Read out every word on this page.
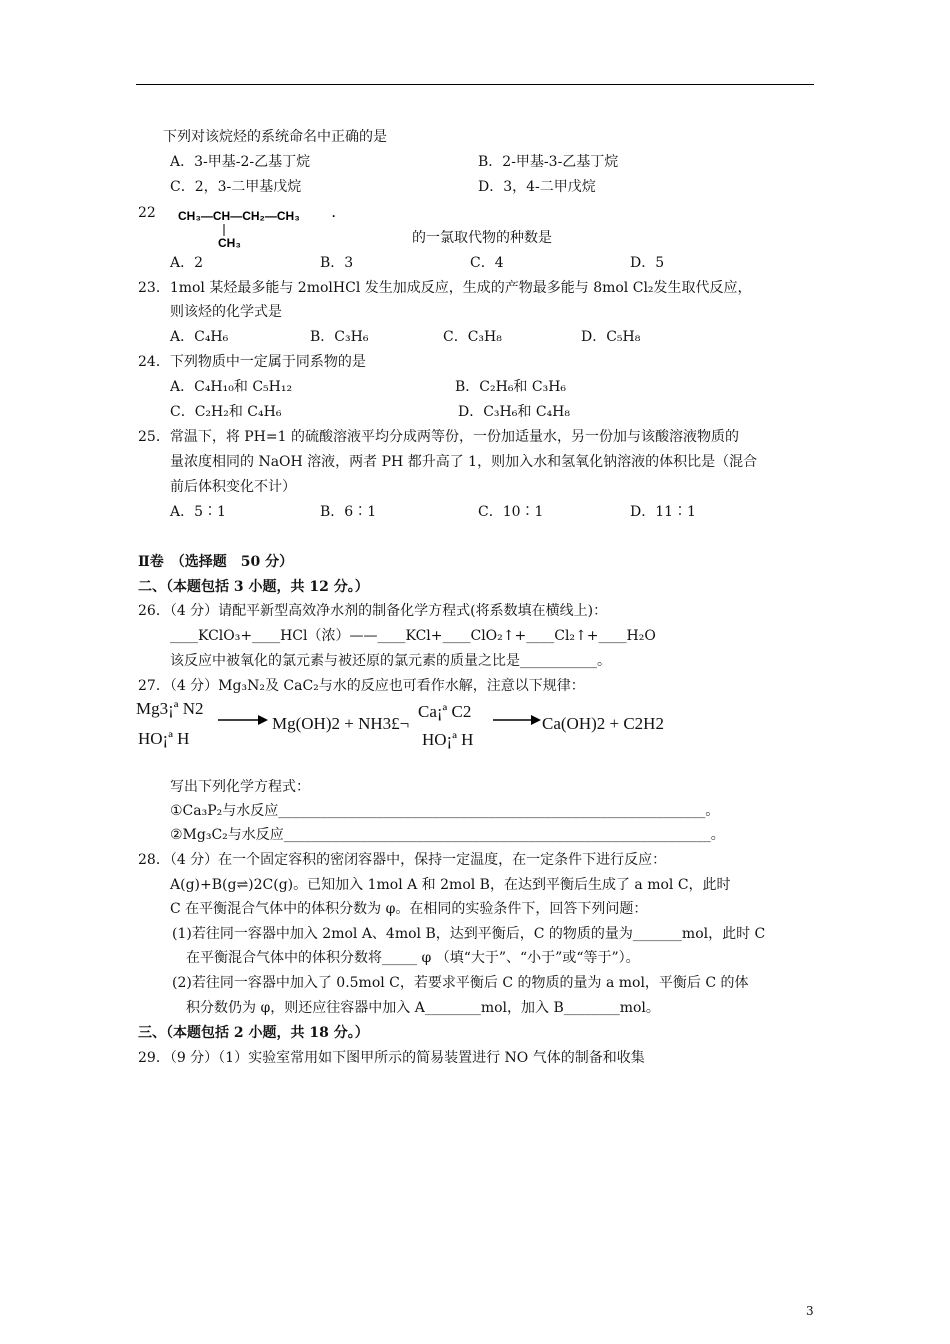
下列对该烷烃的系统命名中正确的是
A．3-甲基-2-乙基丁烷	B．2-甲基-3-乙基丁烷
C．2，3-二甲基戊烷	D．3，4-二甲戊烷
22 CH₃—CH—CH₂—CH₃	·
CH₃	的一氯取代物的种数是
A．2	B．3	C．4	D．5
23．1mol 某烃最多能与 2molHCl 发生加成反应，生成的产物最多能与 8mol Cl₂发生取代反应，
则该烃的化学式是
A．C₄H₆	B．C₃H₆	C．C₃H₈	D．C₅H₈
24．下列物质中一定属于同系物的是
A．C₄H₁₀和 C₅H₁₂	B．C₂H₆和 C₃H₆
C．C₂H₂和 C₄H₆	D．C₃H₆和 C₄H₈
25．常温下，将 PH=1 的硫酸溶液平均分成两等份，一份加适量水，另一份加与该酸溶液物质的
量浓度相同的 NaOH 溶液，两者 PH 都升高了 1，则加入水和氢氧化钠溶液的体积比是（混合
前后体积变化不计）
A．5∶1	B．6∶1	C．10∶1	D．11∶1
Ⅱ卷　（选择题　50 分）
二、（本题包括 3 小题，共 12 分。）
26．（4 分）请配平新型高效净水剂的制备化学方程式(将系数填在横线上)：
____KClO₃+____HCl（浓）——____KCl+____ClO₂↑+____Cl₂↑+____H₂O
该反应中被氧化的氯元素与被还原的氯元素的质量之比是___________。
27．（4 分）Mg₃N₂及 CaC₂与水的反应也可看作水解，注意以下规律：
Mg3¡ª N2
HO¡ª H
Mg(OH)2 + NH3£¬
Ca¡ª C2
HO¡ª H
Ca(OH)2 + C2H2
写出下列化学方程式：
①Ca₃P₂与水反应_____________________________________________________________。
②Mg₃C₂与水反应_____________________________________________________________。
28．（4 分）在一个固定容积的密闭容器中，保持一定温度，在一定条件下进行反应：
A(g)+B(g⇌)2C(g)。已知加入 1mol A 和 2mol B，在达到平衡后生成了 a mol C，此时
C 在平衡混合气体中的体积分数为 φ。在相同的实验条件下，回答下列问题：
(1)若往同一容器中加入 2mol A、4mol B，达到平衡后，C 的物质的量为_______mol，此时 C
在平衡混合气体中的体积分数将_____ φ （填“大于”、“小于”或“等于”）。
(2)若往同一容器中加入了 0.5mol C，若要求平衡后 C 的物质的量为 a mol，平衡后 C 的体
积分数仍为 φ，则还应往容器中加入 A________mol，加入 B________mol。
三、（本题包括 2 小题，共 18 分。）
29．（9 分）（1）实验室常用如下图甲所示的简易装置进行 NO 气体的制备和收集
3
